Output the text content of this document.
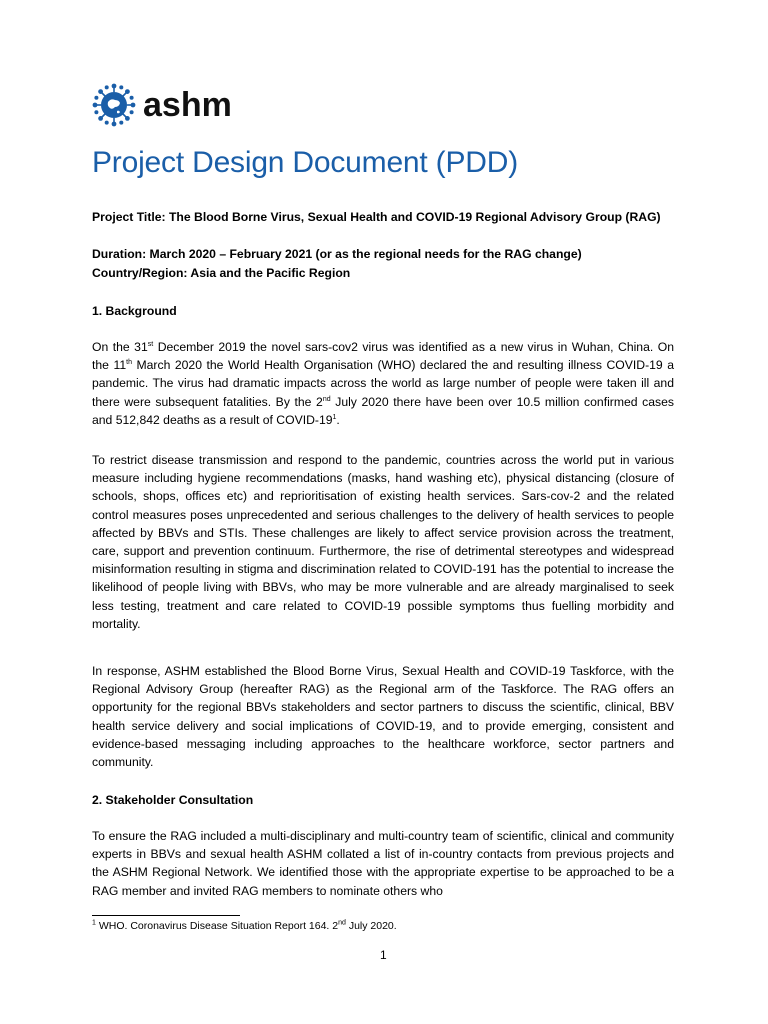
ashm
Project Design Document (PDD)
Project Title: The Blood Borne Virus, Sexual Health and COVID-19 Regional Advisory Group (RAG)
Duration: March 2020 – February 2021 (or as the regional needs for the RAG change)
Country/Region: Asia and the Pacific Region
1. Background

On the 31st December 2019 the novel sars-cov2 virus was identified as a new virus in Wuhan, China. On the 11th March 2020 the World Health Organisation (WHO) declared the and resulting illness COVID-19 a pandemic. The virus had dramatic impacts across the world as large number of people were taken ill and there were subsequent fatalities. By the 2nd July 2020 there have been over 10.5 million confirmed cases and 512,842 deaths as a result of COVID-$19^1$.

To restrict disease transmission and respond to the pandemic, countries across the world put in various measure including hygiene recommendations (masks, hand washing etc), physical distancing (closure of schools, shops, offices etc) and reprioritisation of existing health services. Sars-cov-2 and the related control measures poses unprecedented and serious challenges to the delivery of health services to people affected by BBVs and STIs. These challenges are likely to affect service provision across the treatment, care, support and prevention continuum. Furthermore, the rise of detrimental stereotypes and widespread misinformation resulting in stigma and discrimination related to COVID-191 has the potential to increase the likelihood of people living with BBVs, who may be more vulnerable and are already marginalised to seek less testing, treatment and care related to COVID-19 possible symptoms thus fuelling morbidity and mortality.

In response, ASHM established the Blood Borne Virus, Sexual Health and COVID-19 Taskforce, with the Regional Advisory Group (hereafter RAG) as the Regional arm of the Taskforce. The RAG offers an opportunity for the regional BBVs stakeholders and sector partners to discuss the scientific, clinical, BBV health service delivery and social implications of COVID-19, and to provide emerging, consistent and evidence-based messaging including approaches to the healthcare workforce, sector partners and community.

2. Stakeholder Consultation

To ensure the RAG included a multi-disciplinary and multi-country team of scientific, clinical and community experts in BBVs and sexual health ASHM collated a list of in-country contacts from previous projects and the ASHM Regional Network. We identified those with the appropriate expertise to be approached to be a RAG member and invited RAG members to nominate others who

$^1$ WHO. Coronavirus Disease Situation Report 164. 2nd July 2020.
1
